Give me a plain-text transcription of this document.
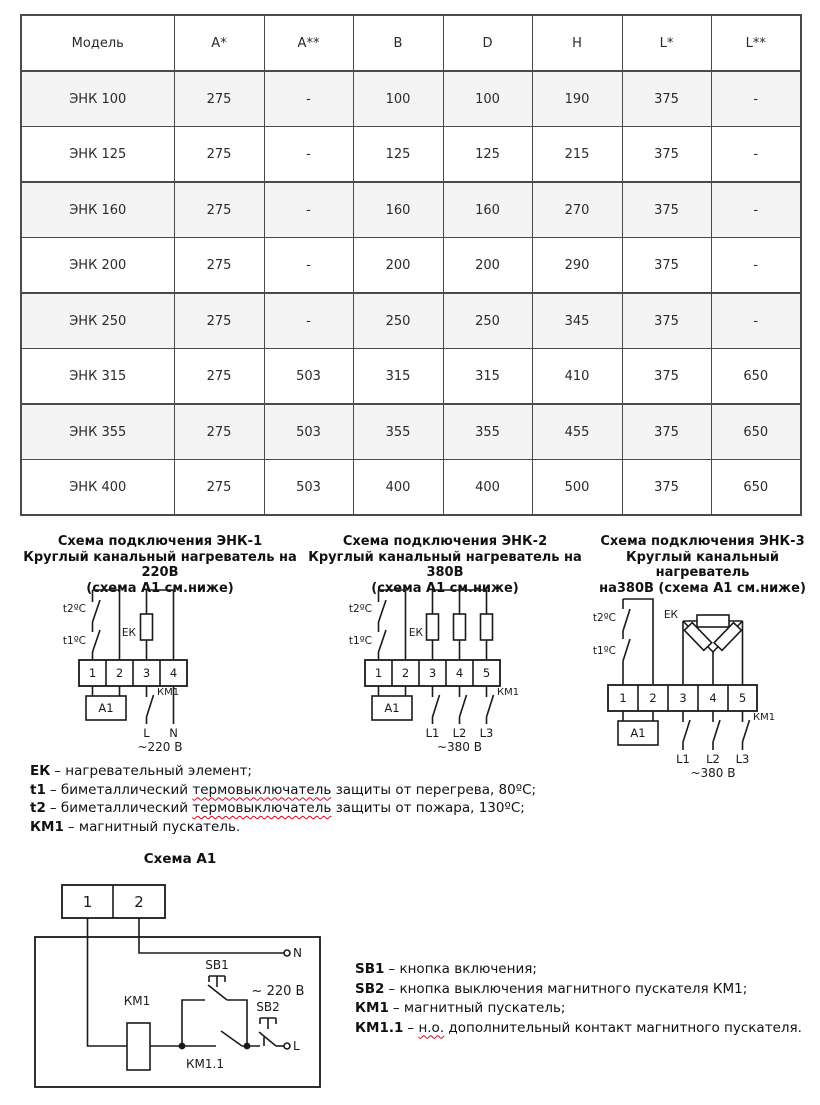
Модель	A*	A**	B	D	H	L*	L**
ЭНК 100	275	-	100	100	190	375	-
ЭНК 125	275	-	125	125	215	375	-
ЭНК 160	275	-	160	160	270	375	-
ЭНК 200	275	-	200	200	290	375	-
ЭНК 250	275	-	250	250	345	375	-
ЭНК 315	275	503	315	315	410	375	650
ЭНК 355	275	503	355	355	455	375	650
ЭНК 400	275	503	400	400	500	375	650
Схема подключения ЭНК-1
Круглый канальный нагреватель на 220В
(схема А1 см.ниже)
Схема подключения ЭНК-2
Круглый канальный нагреватель на 380В
(схема А1 см.ниже)
Схема подключения ЭНК-3
Круглый канальный нагреватель
на380В (схема А1 см.ниже)
t2ºC
t1ºC
ЕК
1 2 3 4
А1
КМ1
L N
~220 В
t2ºC
t1ºC
ЕК
1 2 3 4 5
А1
КМ1
L1 L2 L3
~380 В
t2ºC
t1ºC
ЕК
1 2 3 4 5
А1
КМ1
L1 L2 L3
~380 В
ЕК – нагревательный элемент;
t1 – биметаллический термовыключатель защиты от перегрева, 80ºС;
t2 – биметаллический термовыключатель защиты от пожара, 130ºС;
КМ1 – магнитный пускатель.
Схема А1
1	2
N
КМ1
SB1
КМ1.1
SB2
L
~ 220 В
SB1 – кнопка включения;
SB2 – кнопка выключения магнитного пускателя КМ1;
КМ1 – магнитный пускатель;
КМ1.1 – н.о. дополнительный контакт магнитного пускателя.
